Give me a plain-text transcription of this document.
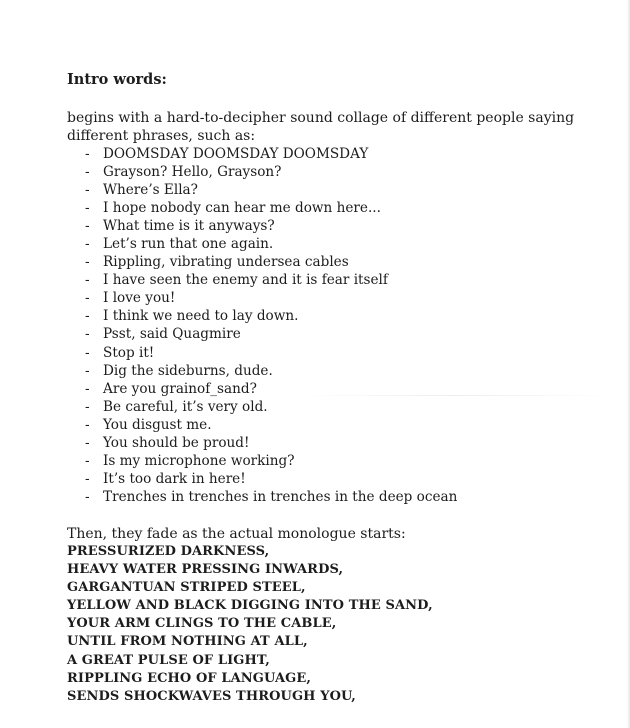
Intro words:

begins with a hard-to-decipher sound collage of different people saying
different phrases, such as:

- DOOMSDAY DOOMSDAY DOOMSDAY
- Grayson? Hello, Grayson?
- Where’s Ella?
- I hope nobody can hear me down here...
- What time is it anyways?
- Let’s run that one again.
- Rippling, vibrating undersea cables
- I have seen the enemy and it is fear itself
- I love you!
- I think we need to lay down.
- Psst, said Quagmire
- Stop it!
- Dig the sideburns, dude.
- Are you grainof_sand?
- Be careful, it’s very old.
- You disgust me.
- You should be proud!
- Is my microphone working?
- It’s too dark in here!
- Trenches in trenches in trenches in the deep ocean

Then, they fade as the actual monologue starts:

PRESSURIZED DARKNESS,
HEAVY WATER PRESSING INWARDS,
GARGANTUAN STRIPED STEEL,
YELLOW AND BLACK DIGGING INTO THE SAND,
YOUR ARM CLINGS TO THE CABLE,
UNTIL FROM NOTHING AT ALL,
A GREAT PULSE OF LIGHT,
RIPPLING ECHO OF LANGUAGE,
SENDS SHOCKWAVES THROUGH YOU,
